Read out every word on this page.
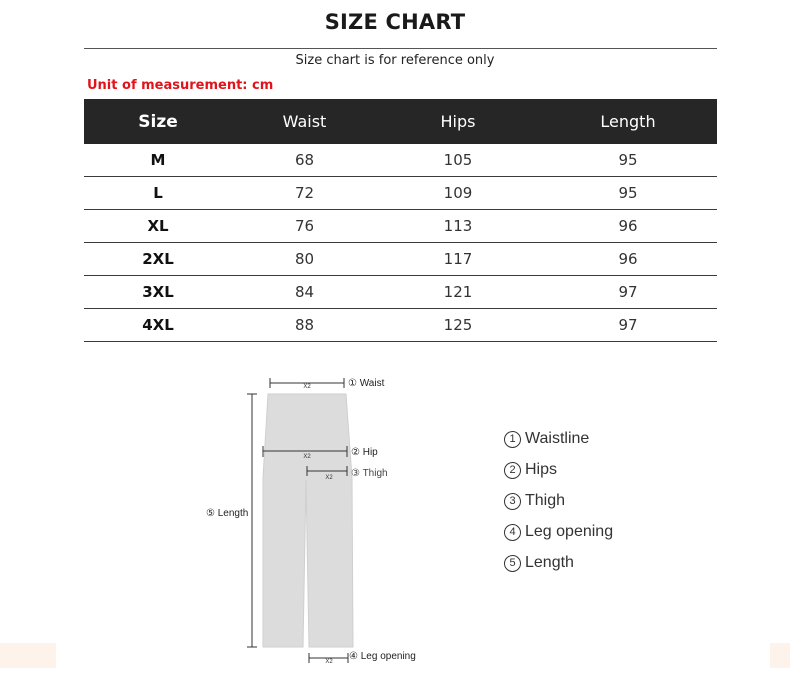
SIZE CHART
Size chart is for reference only
Unit of measurement: cm
Size	Waist	Hips	Length
M	68	105	95
L	72	109	95
XL	76	113	96
2XL	80	117	96
3XL	84	121	97
4XL	88	125	97
X2	① Waist
X2	② Hip
X2 ③ Thigh
⑤ Length
X2 ④ Leg opening
1 Waistline
2 Hips
3 Thigh
4 Leg opening
5 Length
